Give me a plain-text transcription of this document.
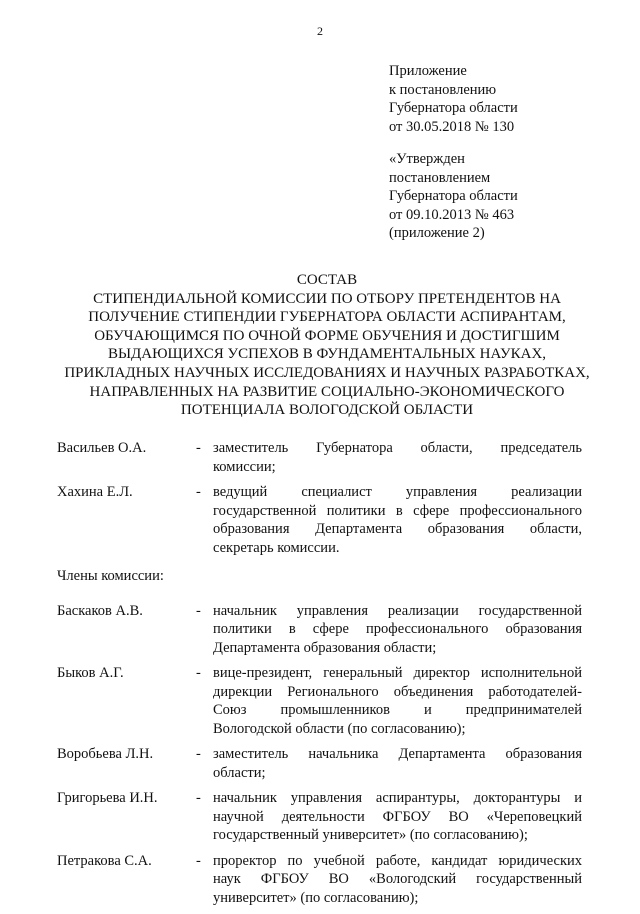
2
Приложение
к постановлению
Губернатора области
от 30.05.2018 № 130
«Утвержден
постановлением
Губернатора области
от 09.10.2013 № 463
(приложение 2)
СОСТАВ
СТИПЕНДИАЛЬНОЙ КОМИССИИ ПО ОТБОРУ ПРЕТЕНДЕНТОВ НА
ПОЛУЧЕНИЕ СТИПЕНДИИ ГУБЕРНАТОРА ОБЛАСТИ АСПИРАНТАМ,
ОБУЧАЮЩИМСЯ ПО ОЧНОЙ ФОРМЕ ОБУЧЕНИЯ И ДОСТИГШИМ
ВЫДАЮЩИХСЯ УСПЕХОВ В ФУНДАМЕНТАЛЬНЫХ НАУКАХ,
ПРИКЛАДНЫХ НАУЧНЫХ ИССЛЕДОВАНИЯХ И НАУЧНЫХ РАЗРАБОТКАХ,
НАПРАВЛЕННЫХ НА РАЗВИТИЕ СОЦИАЛЬНО-ЭКОНОМИЧЕСКОГО
ПОТЕНЦИАЛА ВОЛОГОДСКОЙ ОБЛАСТИ
Васильев О.А.	- заместитель Губернатора области, председатель
комиссии;
Хахина Е.Л.	- ведущий специалист управления реализации
государственной политики в сфере профессионального
образования Департамента образования области,
секретарь комиссии.
Члены комиссии:
Баскаков А.В.	- начальник управления реализации государственной
политики в сфере профессионального образования
Департамента образования области;
Быков А.Г.	- вице-президент, генеральный директор исполнительной
дирекции Регионального объединения работодателей-
Союз промышленников и предпринимателей
Вологодской области (по согласованию);
Воробьева Л.Н.	- заместитель начальника Департамента образования
области;
Григорьева И.Н.	- начальник управления аспирантуры, докторантуры и
научной деятельности ФГБОУ ВО «Череповецкий
государственный университет» (по согласованию);
Петракова С.А.	- проректор по учебной работе, кандидат юридических
наук ФГБОУ ВО «Вологодский государственный
университет» (по согласованию);
